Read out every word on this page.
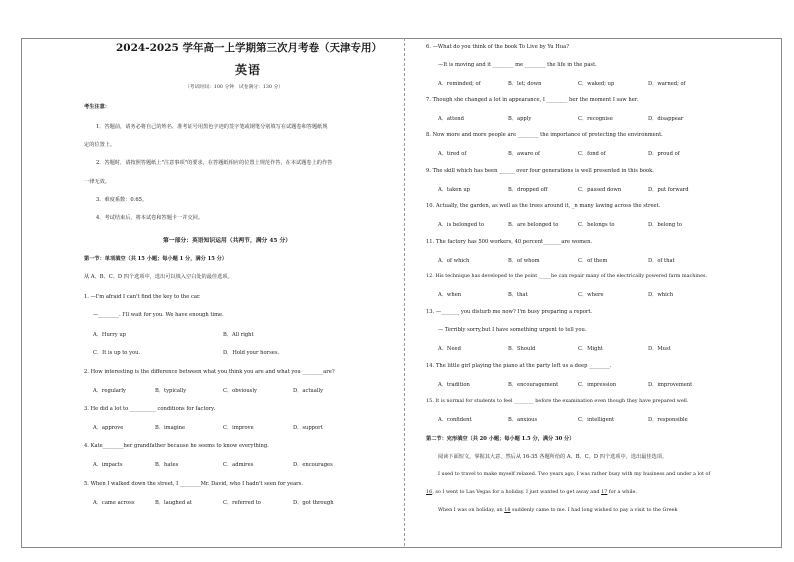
2024-2025 学年高一上学期第三次月考卷（天津专用）
英语
（考试时间：100 分钟　试卷满分：130 分）
考生注意：
1．答题前，请务必将自己的姓名、准考证号用黑色字迹的签字笔或钢笔分别填写在试题卷和答题纸规
定的位置上。
2．答题时，请按照答题纸上"注意事项"的要求，在答题纸相应的位置上规范作答，在本试题卷上的作答
一律无效。
3．难度系数：0.65。
4．考试结束后，将本试卷和答题卡一并交回。
第一部分：英语知识运用（共两节，满分 45 分）
第一节：单项填空（共 15 小题；每小题 1 分，满分 15 分）
从 A、B、C、D 四个选项中，选出可以填入空白处的最佳选项。
1. —I'm afraid I can't find the key to the car.
—________. I'll wait for you. We have enough time.
A．Hurry up	B．All right
C．It is up to you.	D．Hold your horses.
2. How interesting is the difference between what you think you are and what you ________are?
A．regularly	B．typically	C．obviously	D．actually
3. He did a lot to __________ conditions for factory.
A．approve	B．imagine	C．improve	D．support
4. Kate________her grandfather because he seems to know everything.
A．impacts	B．hates	C．admires	D．encourages
5. When I walked down the street, I ________Mr. David, who I hadn't seen for years.
A．came across	B．laughed at	C．referred to	D．got through
6. —What do you think of the book To Live by Yu Hua?
—It is moving and it ________ me ________ the life in the past.
A．reminded; of	B．let; down	C．waked; up	D．warned; of
7. Though she changed a lot in appearance, I ________ her the moment I saw her.
A．attend	B．apply	C．recognise	D．disappear
8. Now more and more people are ________ the importance of protecting the environment.
A．tired of	B．aware of	C．fond of	D．proud of
9. The skill which has been ______ over four generations is well presented in this book.
A．taken up	B．dropped off	C．passed down	D．put forward
10. Actually, the garden, as well as the trees around it, _n many lawing across the street.
A．is belonged to	B．are belonged to	C．belongs to	D．belong to
11. The factory has 500 workers, 40 percent_______are women.
A．of which	B．of whom	C．of them	D．of that
12. His technique has developed to the point _____he can repair many of the electrically powered farm machines.
A．when	B．that	C．where	D．which
13. —_______ you disturb me now? I'm busy preparing a report.
— Terribly sorry,but I have something urgent to tell you.
A．Need	B．Should	C．Might	D．Must
14. The little girl playing the piano at the party left us a deep ________.
A．tradition	B．encouragement	C．impression	D．improvement
15. It is normal for students to feel ________ before the examination even though they have prepared well.
A．confident	B．anxious	C．intelligent	D．responsible
第二节：完形填空（共 20 小题；每小题 1.5 分，满分 30 分）
阅读下面短文，掌握其大意，然后从 16-35 各题所给的 A、B、C、D 四个选项中，选出最佳选项。
I used to travel to make myself relaxed. Two years ago, I was rather busy with my business and under a lot of
16, so I went to Las Vegas for a holiday. I just wanted to get away and 17 for a while.
When I was on holiday, an 18 suddenly came to me. I had long wished to pay a visit to the Greek
